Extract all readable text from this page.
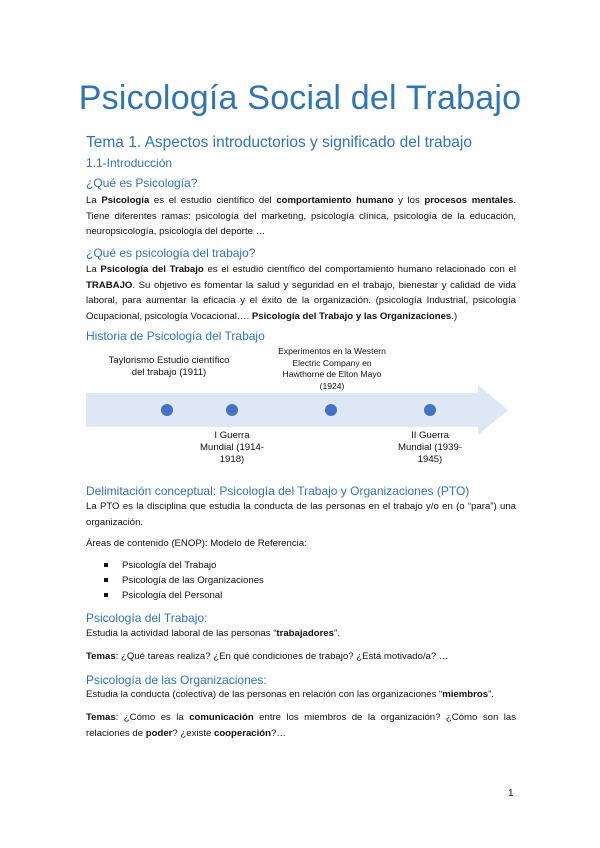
Psicología Social del Trabajo
Tema 1. Aspectos introductorios y significado del trabajo
1.1-Introducción
¿Qué es Psicología?

La Psicología es el estudio científico del comportamiento humano y los procesos mentales. Tiene diferentes ramas: psicología del marketing, psicología clínica, psicología de la educación, neuropsicología, psicología del deporte …

¿Qué es psicología del trabajo?

La Psicología del Trabajo es el estudio científico del comportamiento humano relacionado con el TRABAJO. Su objetivo es fomentar la salud y seguridad en el trabajo, bienestar y calidad de vida laboral, para aumentar la eficacia y el éxito de la organización. (psicología Industrial, psicología Ocupacional, psicología Vocacional…. Psicología del Trabajo y las Organizaciones.)

Historia de Psicología del Trabajo
Taylorismo Estudio científico del trabajo (1911)
Experimentos en la Western Electric Company en Hawthorne de Elton Mayo (1924)
I Guerra Mundial (1914-1918)
II Guerra Mundial (1939-1945)
Delimitación conceptual: Psicología del Trabajo y Organizaciones (PTO)

La PTO es la disciplina que estudia la conducta de las personas en el trabajo y/o en (o “para”) una organización.

Áreas de contenido (ENOP): Modelo de Referencia:

Psicología del Trabajo
Psicología de las Organizaciones
Psicología del Personal
Psicología del Trabajo:

Estudia la actividad laboral de las personas “trabajadores”.

Temas: ¿Qué tareas realiza? ¿En qué condiciones de trabajo? ¿Está motivado/a? …

Psicología de las Organizaciones:

Estudia la conducta (colectiva) de las personas en relación con las organizaciones “miembros”.

Temas: ¿Cómo es la comunicación entre los miembros de la organización? ¿Cómo son las relaciones de poder? ¿existe cooperación?…

1
